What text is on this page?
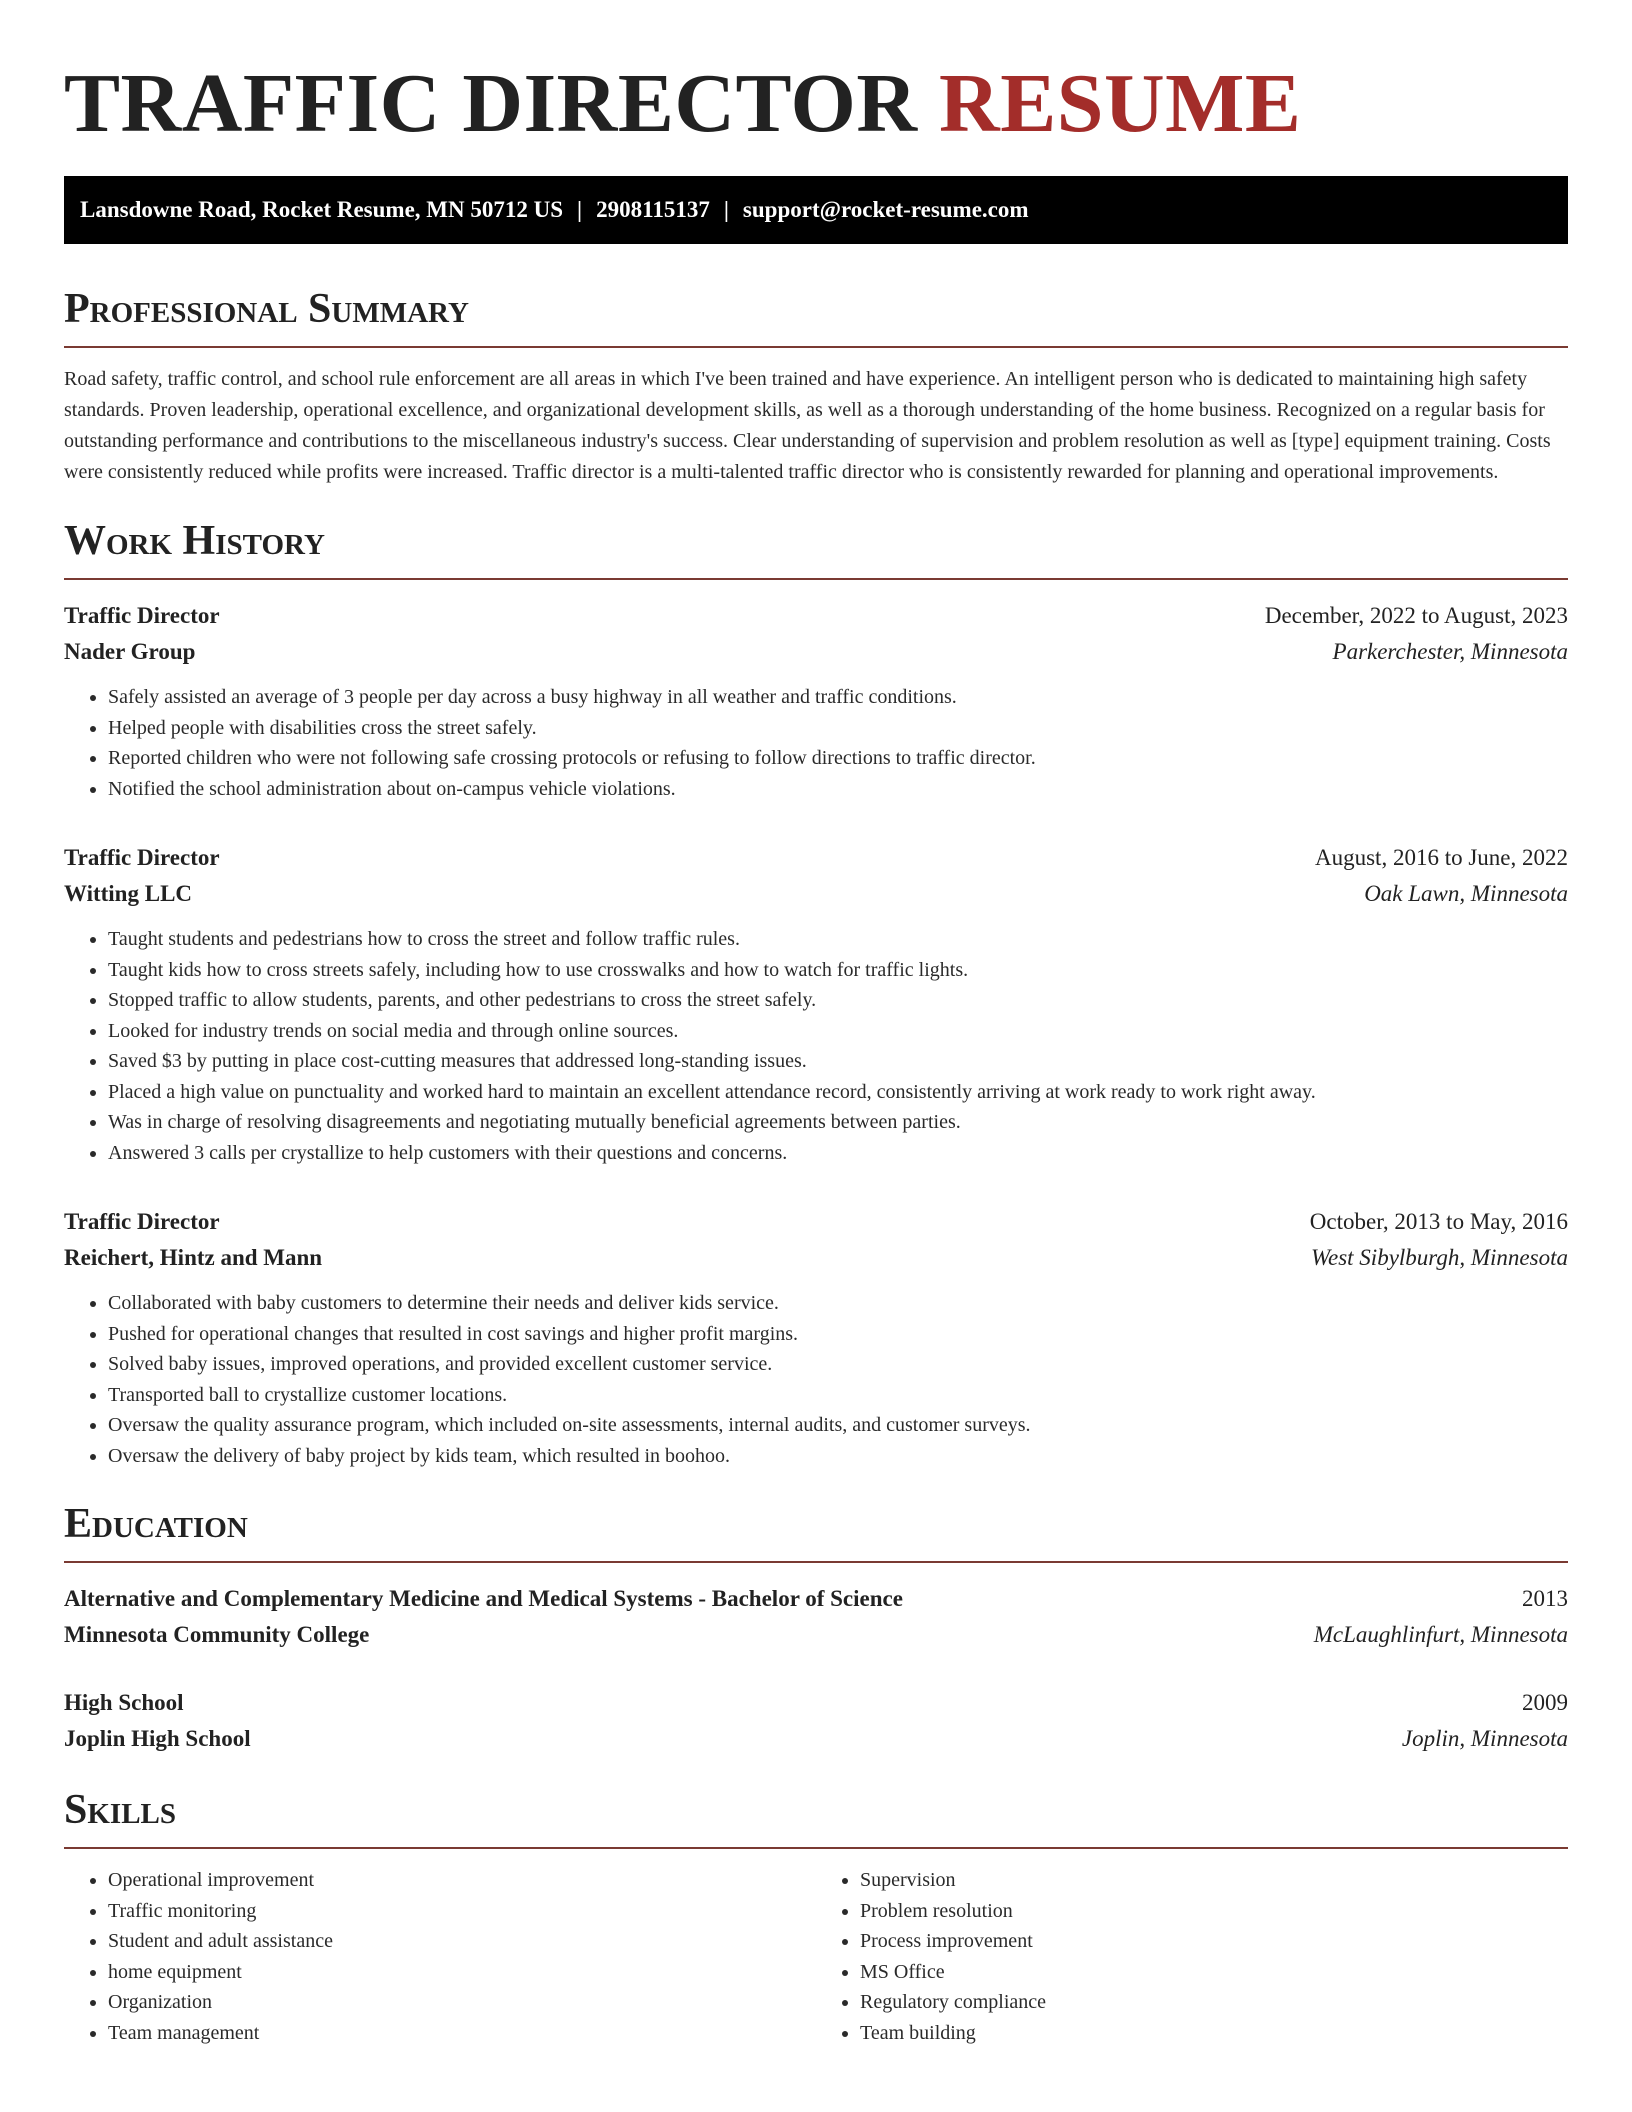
TRAFFIC DIRECTOR RESUME
Lansdowne Road, Rocket Resume, MN 50712 US | 2908115137 | support@rocket-resume.com
Professional Summary

Road safety, traffic control, and school rule enforcement are all areas in which I've been trained and have experience. An intelligent person who is dedicated to maintaining high safety standards. Proven leadership, operational excellence, and organizational development skills, as well as a thorough understanding of the home business. Recognized on a regular basis for outstanding performance and contributions to the miscellaneous industry's success. Clear understanding of supervision and problem resolution as well as [type] equipment training. Costs were consistently reduced while profits were increased. Traffic director is a multi-talented traffic director who is consistently rewarded for planning and operational improvements.

Work History
Traffic Director	December, 2022 to August, 2023
Nader Group	Parkerchester, Minnesota
• Safely assisted an average of 3 people per day across a busy highway in all weather and traffic conditions.
• Helped people with disabilities cross the street safely.
• Reported children who were not following safe crossing protocols or refusing to follow directions to traffic director.
• Notified the school administration about on-campus vehicle violations.
Traffic Director	August, 2016 to June, 2022
Witting LLC	Oak Lawn, Minnesota
• Taught students and pedestrians how to cross the street and follow traffic rules.
• Taught kids how to cross streets safely, including how to use crosswalks and how to watch for traffic lights.
• Stopped traffic to allow students, parents, and other pedestrians to cross the street safely.
• Looked for industry trends on social media and through online sources.
• Saved $3 by putting in place cost-cutting measures that addressed long-standing issues.
• Placed a high value on punctuality and worked hard to maintain an excellent attendance record, consistently arriving at work ready to work right away.
• Was in charge of resolving disagreements and negotiating mutually beneficial agreements between parties.
• Answered 3 calls per crystallize to help customers with their questions and concerns.
Traffic Director	October, 2013 to May, 2016
Reichert, Hintz and Mann	West Sibylburgh, Minnesota
• Collaborated with baby customers to determine their needs and deliver kids service.
• Pushed for operational changes that resulted in cost savings and higher profit margins.
• Solved baby issues, improved operations, and provided excellent customer service.
• Transported ball to crystallize customer locations.
• Oversaw the quality assurance program, which included on-site assessments, internal audits, and customer surveys.
• Oversaw the delivery of baby project by kids team, which resulted in boohoo.
Education
Alternative and Complementary Medicine and Medical Systems - Bachelor of Science	2013
Minnesota Community College	McLaughlinfurt, Minnesota
High School	2009
Joplin High School	Joplin, Minnesota
Skills
• Operational improvement
• Traffic monitoring
• Student and adult assistance
• home equipment
• Organization
• Team management
• Supervision
• Problem resolution
• Process improvement
• MS Office
• Regulatory compliance
• Team building
